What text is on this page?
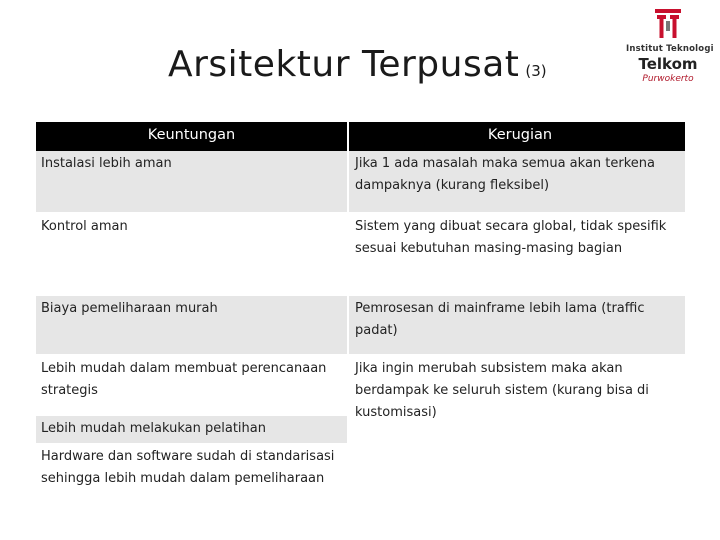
Arsitektur Terpusat (3)
Institut Teknologi
Telkom
Purwokerto
Keuntungan	Kerugian
Instalasi lebih aman
Kontrol aman
Biaya pemeliharaan murah
Lebih mudah dalam membuat perencanaan strategis
Lebih mudah melakukan pelatihan
Hardware dan software sudah di standarisasi sehingga lebih mudah dalam pemeliharaan
Jika 1 ada masalah maka semua akan terkena dampaknya (kurang fleksibel)
Sistem yang dibuat secara global, tidak spesifik sesuai kebutuhan masing-masing bagian
Pemrosesan di mainframe lebih lama (traffic padat)
Jika ingin merubah subsistem maka akan berdampak ke seluruh sistem (kurang bisa di kustomisasi)
